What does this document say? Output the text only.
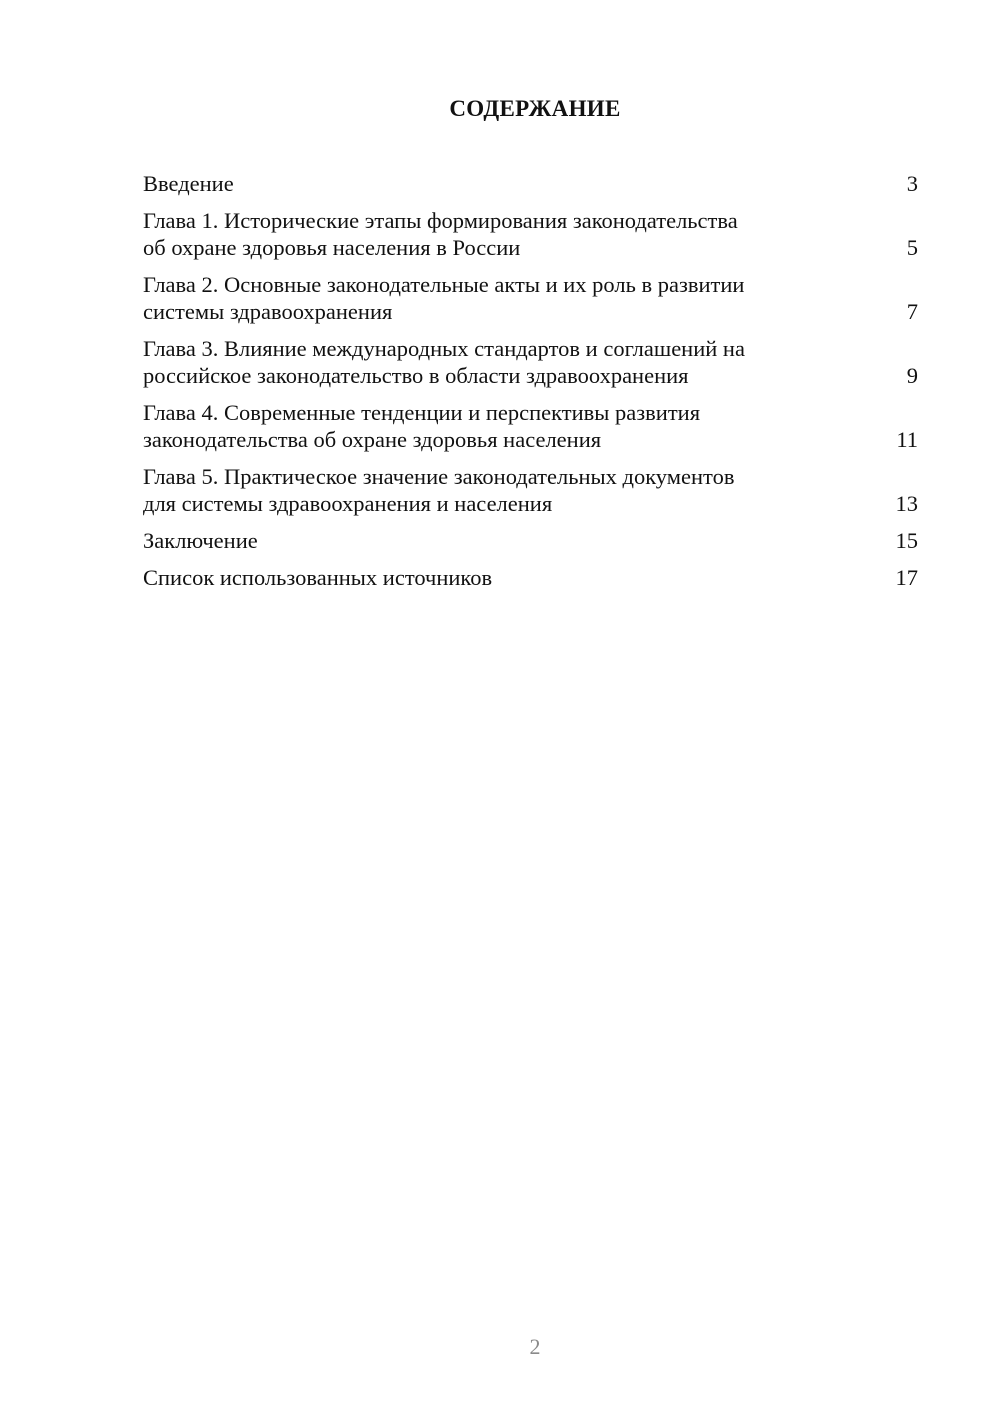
СОДЕРЖАНИЕ
Введение	3
Глава 1. Исторические этапы формирования законодательства
об охране здоровья населения в России	5
Глава 2. Основные законодательные акты и их роль в развитии
системы здравоохранения	7
Глава 3. Влияние международных стандартов и соглашений на
российское законодательство в области здравоохранения	9
Глава 4. Современные тенденции и перспективы развития
законодательства об охране здоровья населения	11
Глава 5. Практическое значение законодательных документов
для системы здравоохранения и населения	13
Заключение	15
Список использованных источников	17
2
